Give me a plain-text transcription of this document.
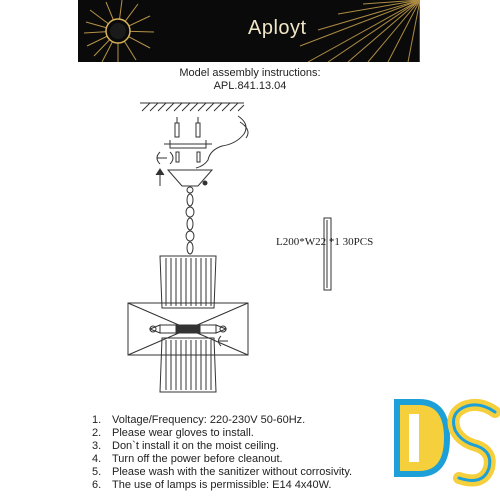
Aployt
Model assembly instructions:
APL.841.13.04
L200*W22 *1 30PCS
1. Voltage/Frequency: 220-230V 50-60Hz.
2. Please wear gloves to install.
3. Don`t install it on the moist ceiling.
4. Turn off the power before cleanout.
5. Please wash with the sanitizer without corrosivity.
6. The use of lamps is permissible: E14 4x40W.
